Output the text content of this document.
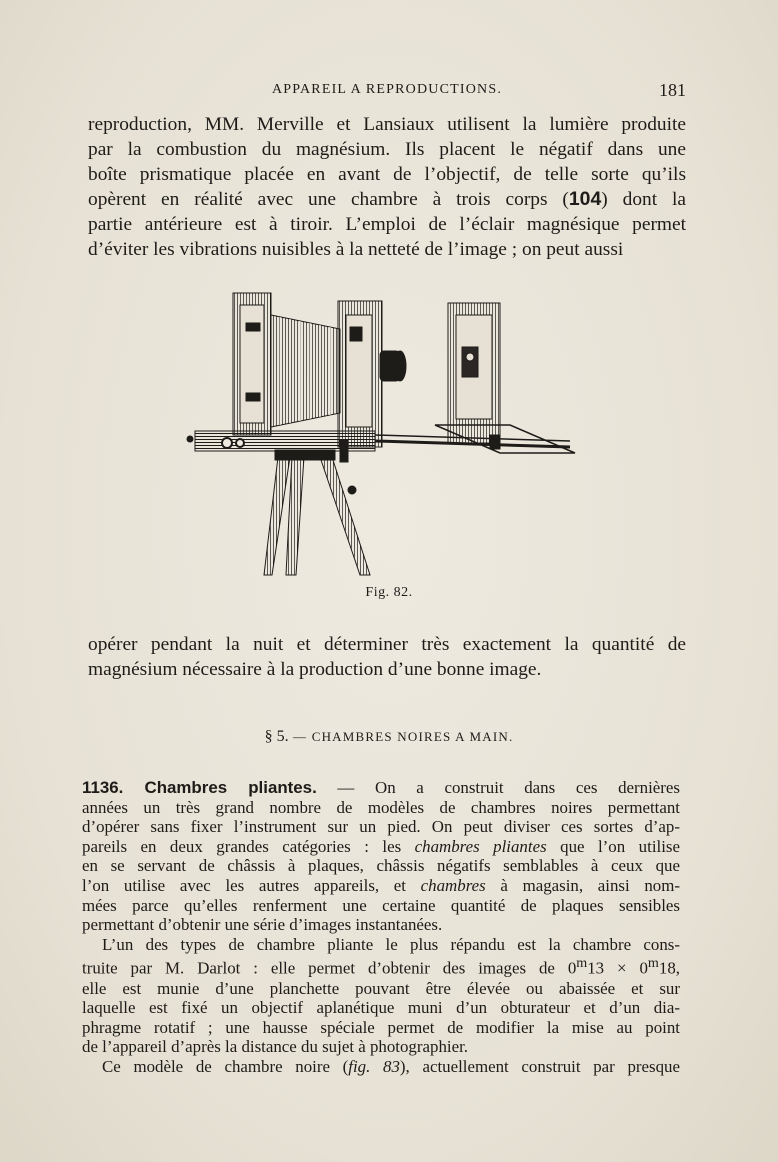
APPAREIL A REPRODUCTIONS.	181
reproduction, MM. Merville et Lansiaux utilisent la lumière produite
par la combustion du magnésium. Ils placent le négatif dans une
boîte prismatique placée en avant de l’objectif, de telle sorte qu’ils
opèrent en réalité avec une chambre à trois corps (104) dont la
partie antérieure est à tiroir. L’emploi de l’éclair magnésique permet
d’éviter les vibrations nuisibles à la netteté de l’image ; on peut aussi
Fig. 82.
opérer pendant la nuit et déterminer très exactement la quantité de
magnésium nécessaire à la production d’une bonne image.
§ 5. — CHAMBRES NOIRES A MAIN.
1136. Chambres pliantes. — On a construit dans ces dernières
années un très grand nombre de modèles de chambres noires permettant
d’opérer sans fixer l’instrument sur un pied. On peut diviser ces sortes d’ap-
pareils en deux grandes catégories : les chambres pliantes que l’on utilise
en se servant de châssis à plaques, châssis négatifs semblables à ceux que
l’on utilise avec les autres appareils, et chambres à magasin, ainsi nom-
mées parce qu’elles renferment une certaine quantité de plaques sensibles
permettant d’obtenir une série d’images instantanées.
L’un des types de chambre pliante le plus répandu est la chambre cons-
truite par M. Darlot : elle permet d’obtenir des images de $0^m13 \times 0^m18$,
elle est munie d’une planchette pouvant être élevée ou abaissée et sur
laquelle est fixé un objectif aplanétique muni d’un obturateur et d’un dia-
phragme rotatif ; une hausse spéciale permet de modifier la mise au point
de l’appareil d’après la distance du sujet à photographier.
Ce modèle de chambre noire (fig. 83), actuellement construit par presque
